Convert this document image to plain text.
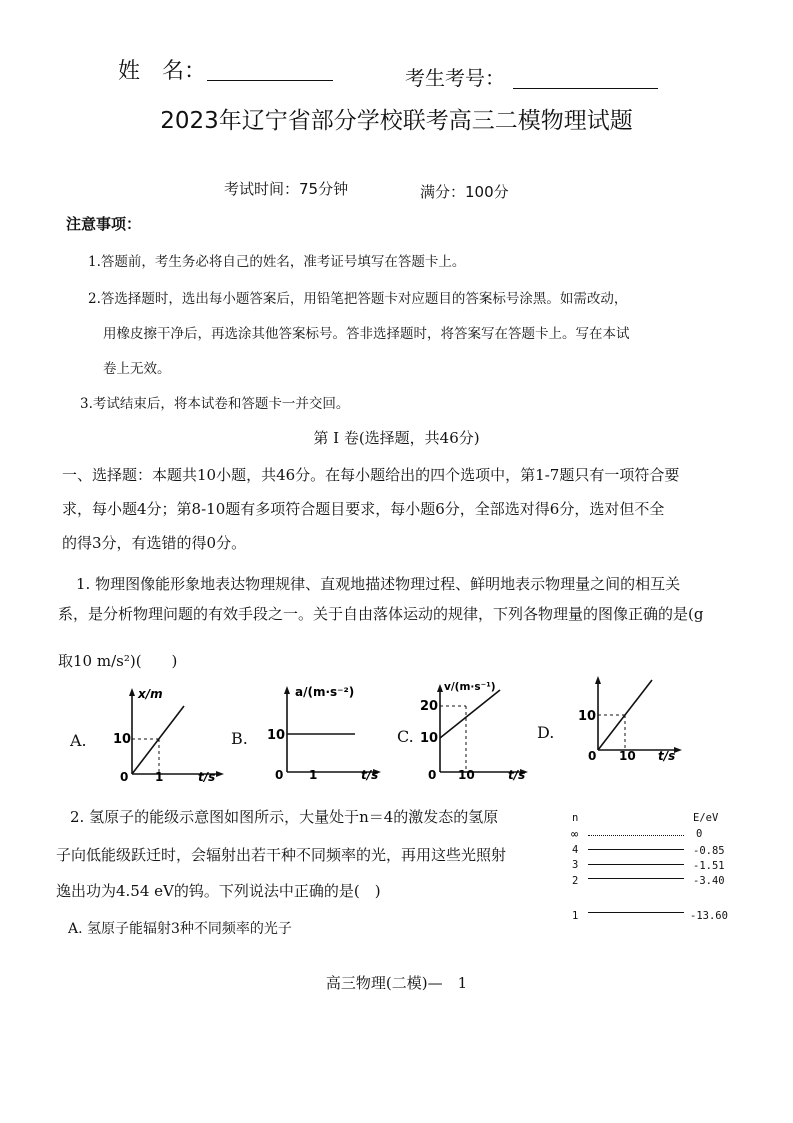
姓　名：	考生考号：
2023年辽宁省部分学校联考高三二模物理试题
考试时间：75分钟	满分：100分
注意事项：
1.答题前，考生务必将自己的姓名，准考证号填写在答题卡上。
2.答选择题时，选出每小题答案后，用铅笔把答题卡对应题目的答案标号涂黑。如需改动，
用橡皮擦干净后，再选涂其他答案标号。答非选择题时，将答案写在答题卡上。写在本试
卷上无效。
3.考试结束后，将本试卷和答题卡一并交回。
第 I 卷(选择题，共46分)
一、选择题：本题共10小题，共46分。在每小题给出的四个选项中，第1-7题只有一项符合要
求，每小题4分；第8-10题有多项符合题目要求，每小题6分，全部选对得6分，选对但不全
的得3分，有选错的得0分。
1. 物理图像能形象地表达物理规律、直观地描述物理过程、鲜明地表示物理量之间的相互关
系，是分析物理问题的有效手段之一。关于自由落体运动的规律，下列各物理量的图像正确的是(g
取10 m/s²)(　　)
A.	B.	C.	D.
x/m
10
1
0	t/s
a/(m·s⁻²)
10
1
0	t/s
v/(m·s⁻¹)
20
10
10
0	t/s
10
10
0	t/s
2. 氢原子的能级示意图如图所示，大量处于n＝4的激发态的氢原
子向低能级跃迁时，会辐射出若干种不同频率的光，再用这些光照射
逸出功为4.54 eV的钨。下列说法中正确的是(　)
A. 氢原子能辐射3种不同频率的光子
n	E/eV
∞	0
4	-0.85
3	-1.51
2	-3.40
1	-13.60
高三物理(二模)—　1
